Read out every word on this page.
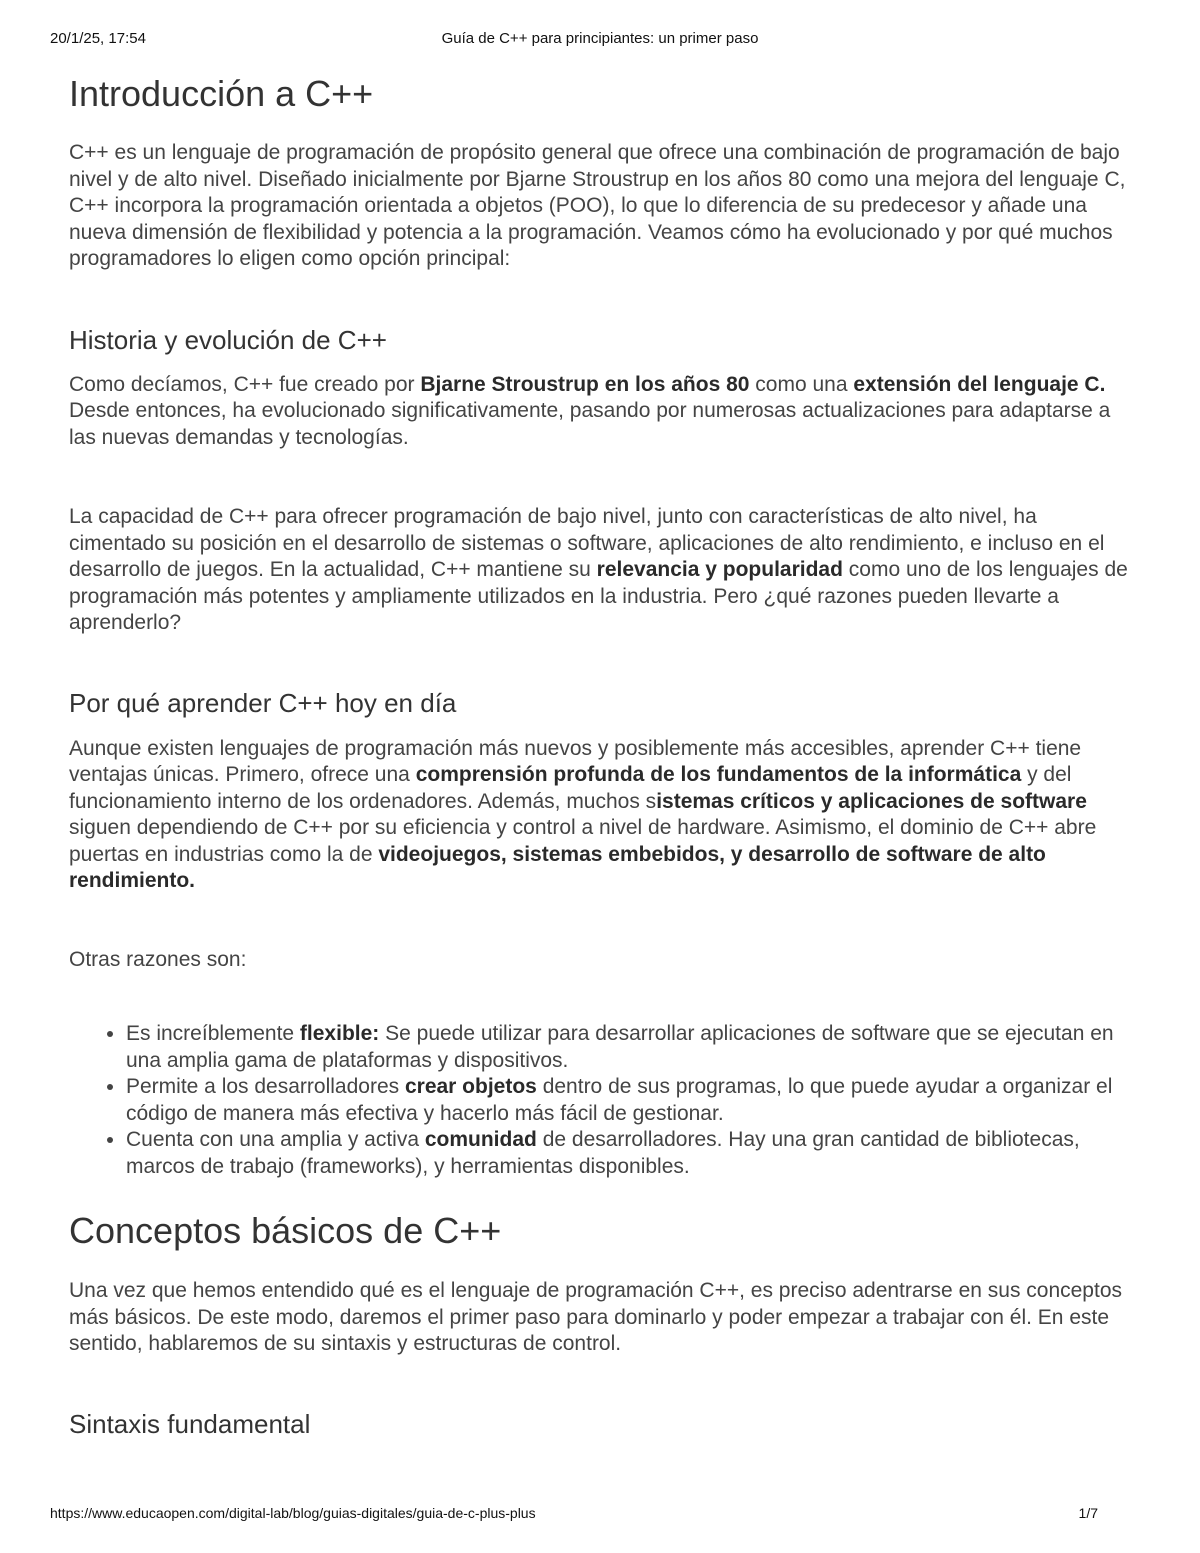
20/1/25, 17:54	Guía de C++ para principiantes: un primer paso
Introducción a C++

C++ es un lenguaje de programación de propósito general que ofrece una combinación de programación de bajo nivel y de alto nivel. Diseñado inicialmente por Bjarne Stroustrup en los años 80 como una mejora del lenguaje C, C++ incorpora la programación orientada a objetos (POO), lo que lo diferencia de su predecesor y añade una nueva dimensión de flexibilidad y potencia a la programación. Veamos cómo ha evolucionado y por qué muchos programadores lo eligen como opción principal:

Historia y evolución de C++

Como decíamos, C++ fue creado por Bjarne Stroustrup en los años 80 como una extensión del lenguaje C. Desde entonces, ha evolucionado significativamente, pasando por numerosas actualizaciones para adaptarse a las nuevas demandas y tecnologías.

La capacidad de C++ para ofrecer programación de bajo nivel, junto con características de alto nivel, ha cimentado su posición en el desarrollo de sistemas o software, aplicaciones de alto rendimiento, e incluso en el desarrollo de juegos. En la actualidad, C++ mantiene su relevancia y popularidad como uno de los lenguajes de programación más potentes y ampliamente utilizados en la industria. Pero ¿qué razones pueden llevarte a aprenderlo?

Por qué aprender C++ hoy en día

Aunque existen lenguajes de programación más nuevos y posiblemente más accesibles, aprender C++ tiene ventajas únicas. Primero, ofrece una comprensión profunda de los fundamentos de la informática y del funcionamiento interno de los ordenadores. Además, muchos sistemas críticos y aplicaciones de software siguen dependiendo de C++ por su eficiencia y control a nivel de hardware. Asimismo, el dominio de C++ abre puertas en industrias como la de videojuegos, sistemas embebidos, y desarrollo de software de alto rendimiento.

Otras razones son:

• Es increíblemente flexible: Se puede utilizar para desarrollar aplicaciones de software que se ejecutan en una amplia gama de plataformas y dispositivos.
• Permite a los desarrolladores crear objetos dentro de sus programas, lo que puede ayudar a organizar el código de manera más efectiva y hacerlo más fácil de gestionar.
• Cuenta con una amplia y activa comunidad de desarrolladores. Hay una gran cantidad de bibliotecas, marcos de trabajo (frameworks), y herramientas disponibles.
Conceptos básicos de C++

Una vez que hemos entendido qué es el lenguaje de programación C++, es preciso adentrarse en sus conceptos más básicos. De este modo, daremos el primer paso para dominarlo y poder empezar a trabajar con él. En este sentido, hablaremos de su sintaxis y estructuras de control.

Sintaxis fundamental
https://www.educaopen.com/digital-lab/blog/guias-digitales/guia-de-c-plus-plus	1/7
